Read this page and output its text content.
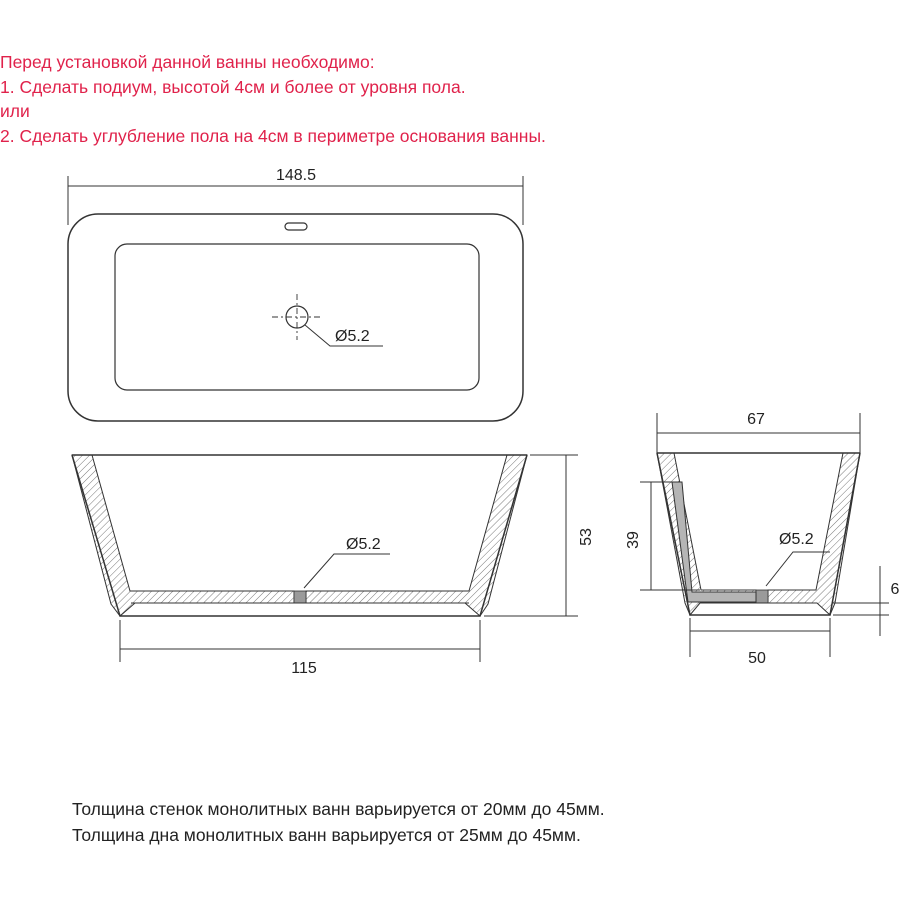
Перед установкой данной ванны необходимо:
1. Сделать подиум, высотой 4см и более от уровня пола.
или
2. Сделать углубление пола на 4см в периметре основания ванны.
148.5
Ø5.2
Ø5.2	53
115
67
Ø5.2
39
6
50
Толщина стенок монолитных ванн варьируется от 20мм до 45мм.
Толщина дна монолитных ванн варьируется от 25мм до 45мм.
